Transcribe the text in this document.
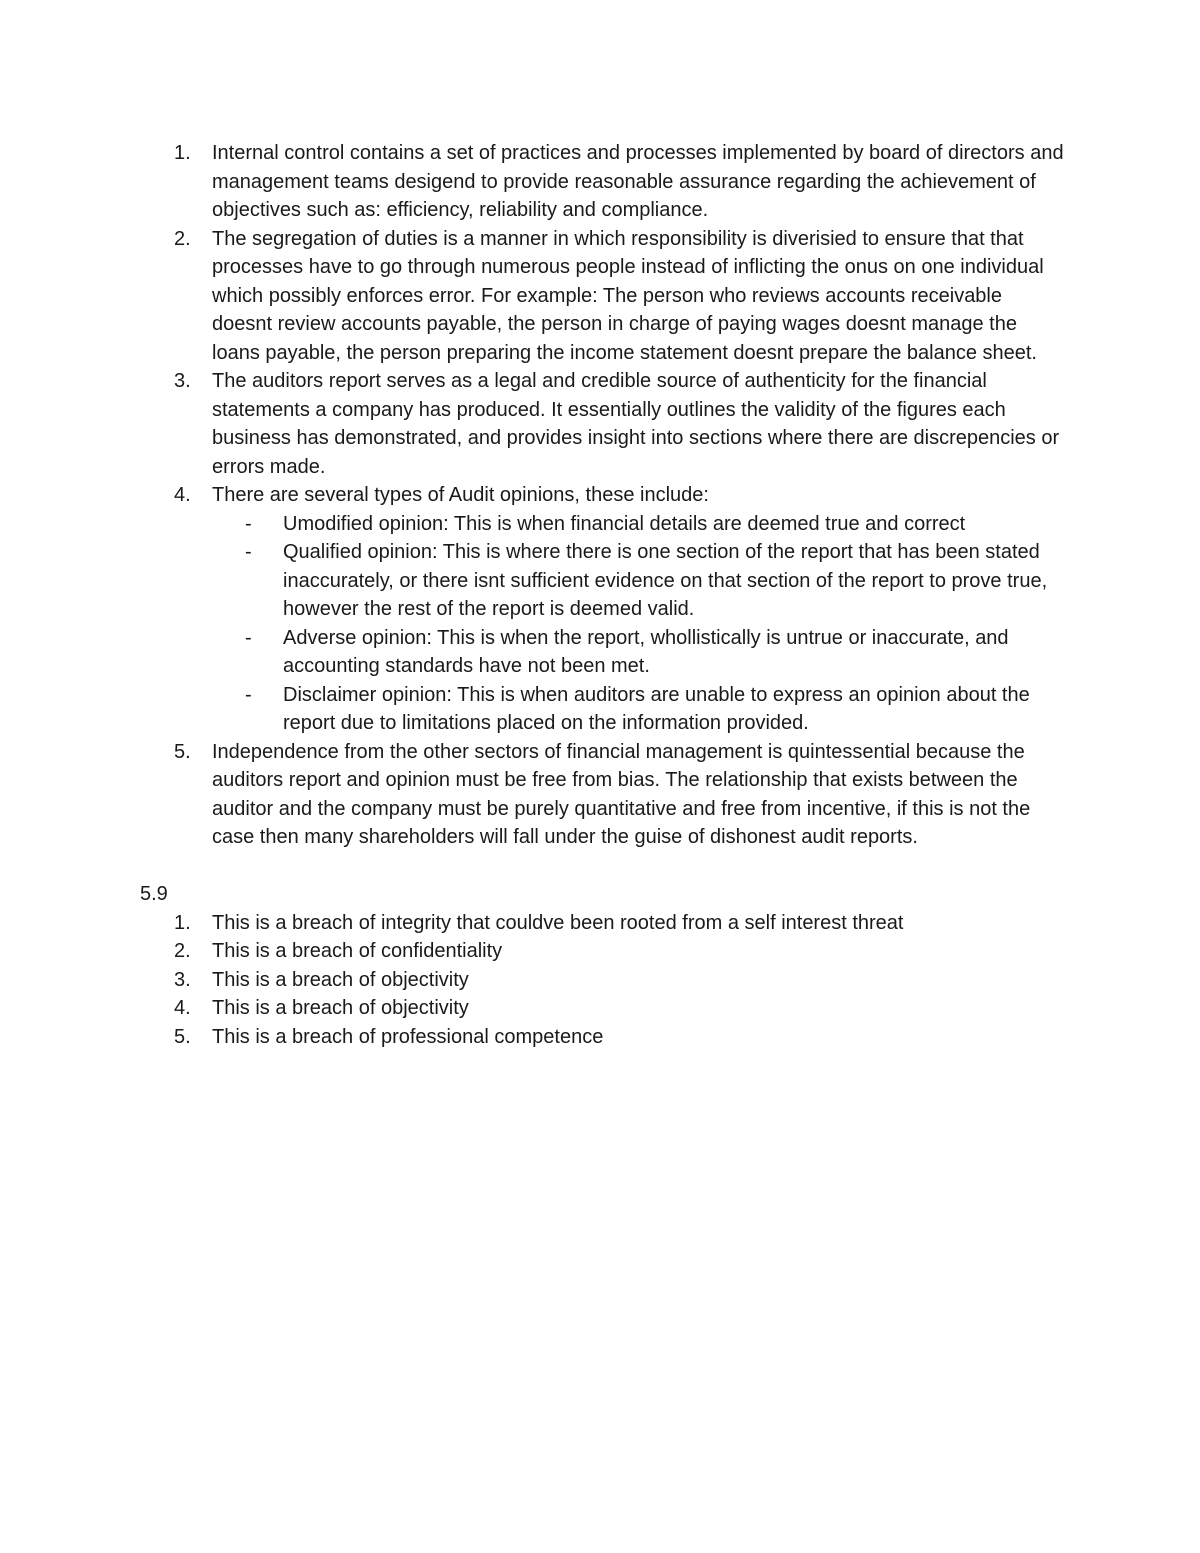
1. Internal control contains a set of practices and processes implemented by board of directors and management teams desigend to provide reasonable assurance regarding the achievement of objectives such as: efficiency, reliability and compliance.
2. The segregation of duties is a manner in which responsibility is diverisied to ensure that that processes have to go through numerous people instead of inflicting the onus on one individual which possibly enforces error. For example: The person who reviews accounts receivable doesnt review accounts payable, the person in charge of paying wages doesnt manage the loans payable, the person preparing the income statement doesnt prepare the balance sheet.
3. The auditors report serves as a legal and credible source of authenticity for the financial statements a company has produced. It essentially outlines the validity of the figures each business has demonstrated, and provides insight into sections where there are discrepencies or errors made.
4. There are several types of Audit opinions, these include:
- Umodified opinion: This is when financial details are deemed true and correct
- Qualified opinion: This is where there is one section of the report that has been stated inaccurately, or there isnt sufficient evidence on that section of the report to prove true, however the rest of the report is deemed valid.
- Adverse opinion: This is when the report, whollistically is untrue or inaccurate, and accounting standards have not been met.
- Disclaimer opinion: This is when auditors are unable to express an opinion about the report due to limitations placed on the information provided.
5. Independence from the other sectors of financial management is quintessential because the auditors report and opinion must be free from bias. The relationship that exists between the auditor and the company must be purely quantitative and free from incentive, if this is not the case then many shareholders will fall under the guise of dishonest audit reports.
5.9
1. This is a breach of integrity that couldve been rooted from a self interest threat
2. This is a breach of confidentiality
3. This is a breach of objectivity
4. This is a breach of objectivity
5. This is a breach of professional competence
